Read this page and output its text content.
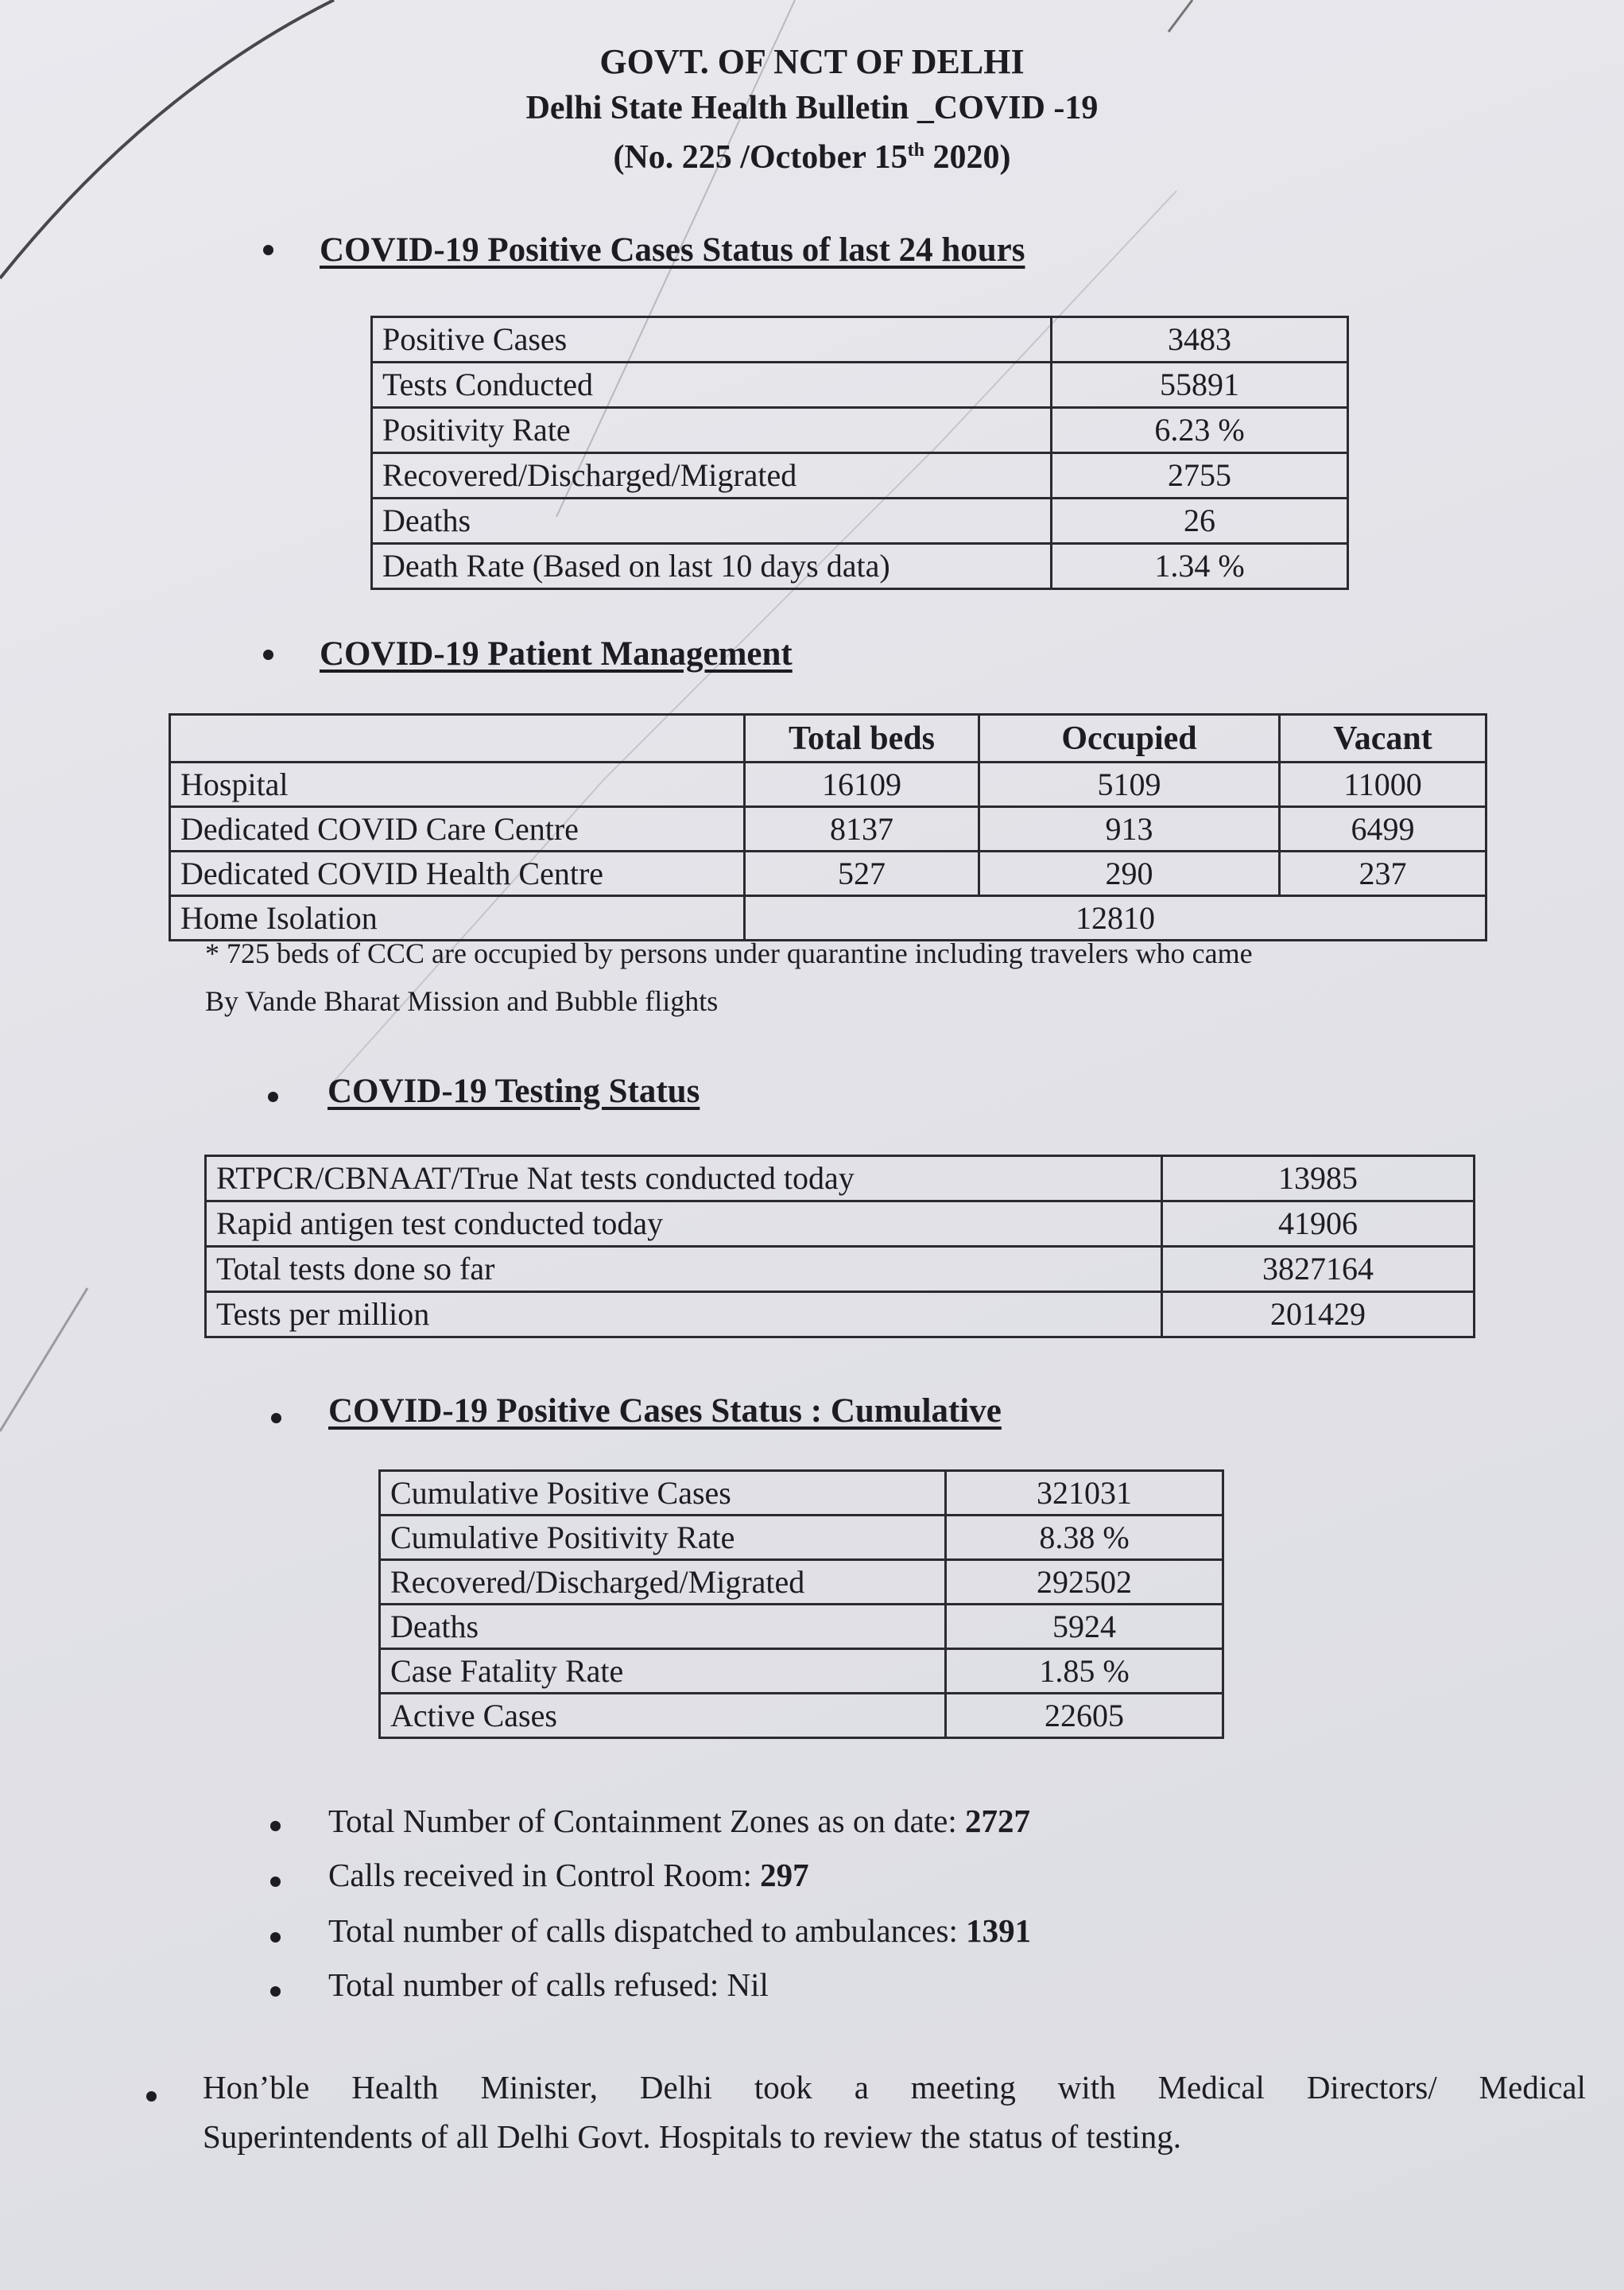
GOVT. OF NCT OF DELHI
Delhi State Health Bulletin _COVID -19
(No. 225 /October 15th 2020)
COVID-19 Positive Cases Status of last 24 hours
Positive Cases	3483
Tests Conducted	55891
Positivity Rate	6.23 %
Recovered/Discharged/Migrated	2755
Deaths	26
Death Rate (Based on last 10 days data)	1.34 %
COVID-19 Patient Management
	Total beds	Occupied	Vacant
Hospital	16109	5109	11000
Dedicated COVID Care Centre	8137	913	6499
Dedicated COVID Health Centre	527	290	237
Home Isolation	12810		
* 725 beds of CCC are occupied by persons under quarantine including travelers who came
By Vande Bharat Mission and Bubble flights
COVID-19 Testing Status
RTPCR/CBNAAT/True Nat tests conducted today	13985
Rapid antigen test conducted today	41906
Total tests done so far	3827164
Tests per million	201429
COVID-19 Positive Cases Status : Cumulative
Cumulative Positive Cases	321031
Cumulative Positivity Rate	8.38 %
Recovered/Discharged/Migrated	292502
Deaths	5924
Case Fatality Rate	1.85 %
Active Cases	22605
Total Number of Containment Zones as on date: 2727
Calls received in Control Room: 297
Total number of calls dispatched to ambulances: 1391
Total number of calls refused: Nil
Hon’ble Health Minister, Delhi took a meeting with Medical Directors/ Medical
Superintendents of all Delhi Govt. Hospitals to review the status of testing.
